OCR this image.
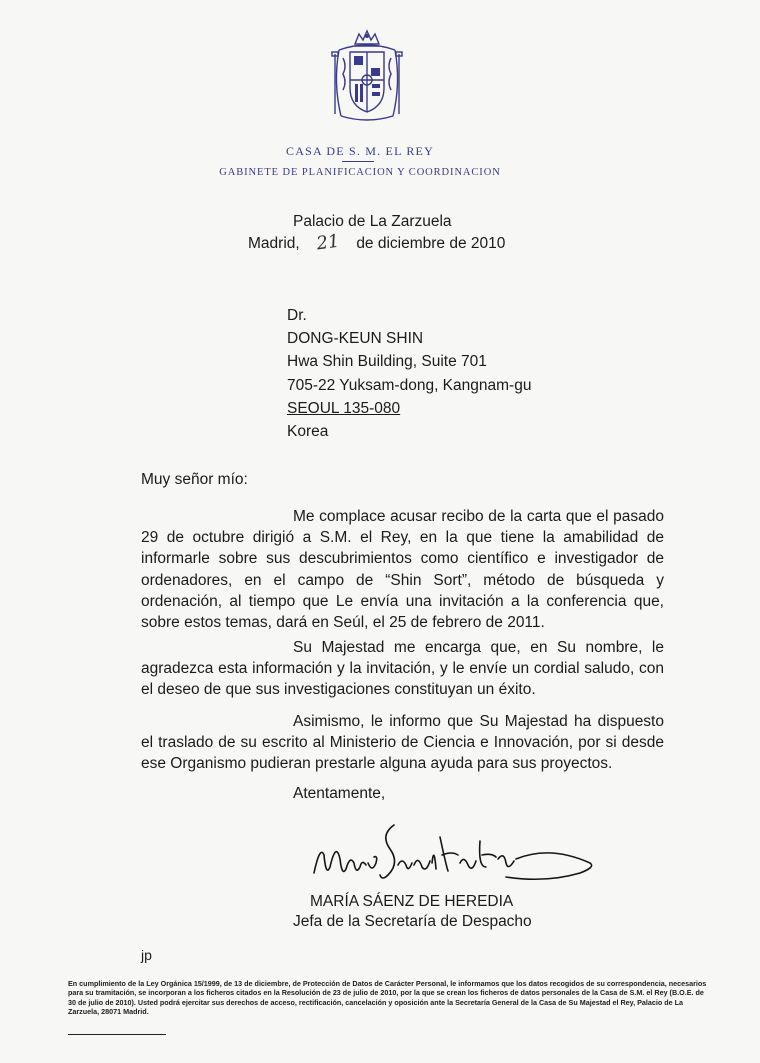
CASA DE S. M. EL REY
GABINETE DE PLANIFICACION Y COORDINACION
Palacio de La Zarzuela
Madrid, 21 de diciembre de 2010
Dr.
DONG-KEUN SHIN
Hwa Shin Building, Suite 701
705-22 Yuksam-dong, Kangnam-gu
SEOUL 135-080
Korea
Muy señor mío:
Me complace acusar recibo de la carta que el pasado 29 de octubre dirigió a S.M. el Rey, en la que tiene la amabilidad de informarle sobre sus descubrimientos como científico e investigador de ordenadores, en el campo de “Shin Sort”, método de búsqueda y ordenación, al tiempo que Le envía una invitación a la conferencia que, sobre estos temas, dará en Seúl, el 25 de febrero de 2011.
Su Majestad me encarga que, en Su nombre, le agradezca esta información y la invitación, y le envíe un cordial saludo, con el deseo de que sus investigaciones constituyan un éxito.
Asimismo, le informo que Su Majestad ha dispuesto el traslado de su escrito al Ministerio de Ciencia e Innovación, por si desde ese Organismo pudieran prestarle alguna ayuda para sus proyectos.
Atentamente,
MARÍA SÁENZ DE HEREDIA
Jefa de la Secretaría de Despacho
jp
En cumplimiento de la Ley Orgánica 15/1999, de 13 de diciembre, de Protección de Datos de Carácter Personal, le informamos que los datos recogidos de su correspondencia, necesarios para su tramitación, se incorporan a los ficheros citados en la Resolución de 23 de julio de 2010, por la que se crean los ficheros de datos personales de la Casa de S.M. el Rey (B.O.E. de 30 de julio de 2010). Usted podrá ejercitar sus derechos de acceso, rectificación, cancelación y oposición ante la Secretaría General de la Casa de Su Majestad el Rey, Palacio de La Zarzuela, 28071 Madrid.
